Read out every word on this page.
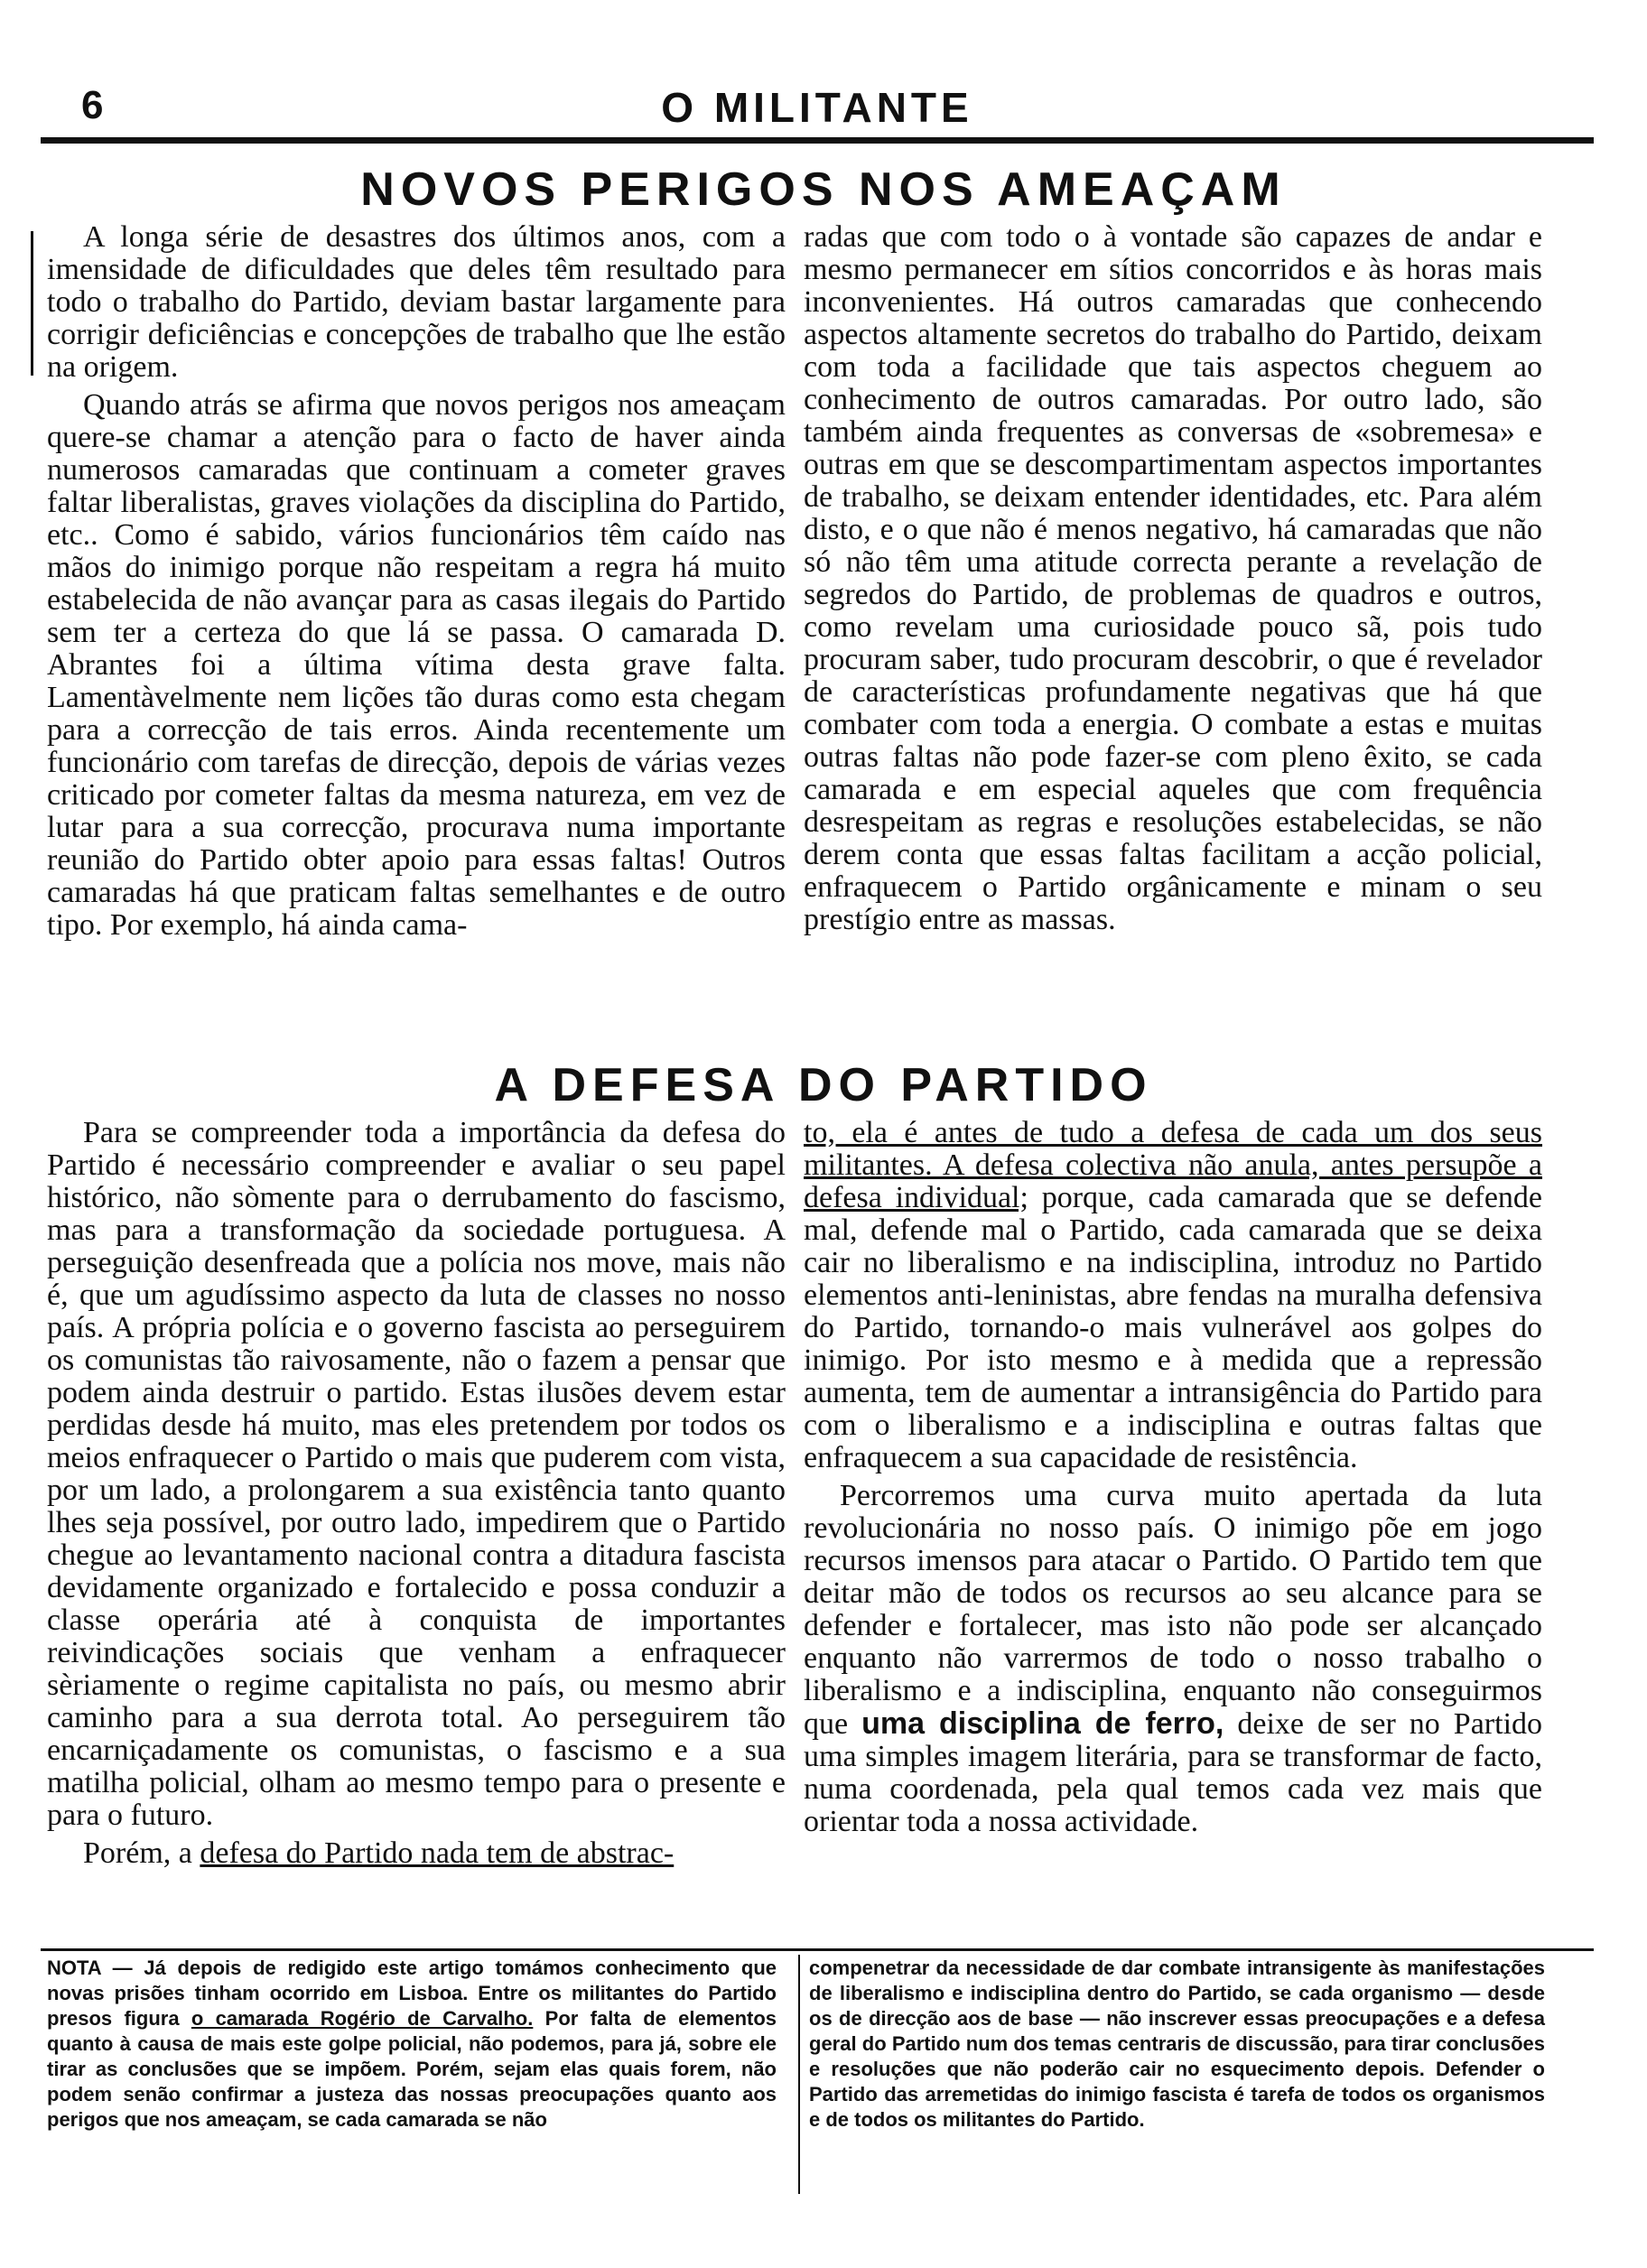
6	O MILITANTE
NOVOS PERIGOS NOS AMEAÇAM

A longa série de desastres dos últimos anos, com a imensidade de dificuldades que deles têm resultado para todo o trabalho do Partido, deviam bastar largamente para corrigir deficiências e concepções de trabalho que lhe estão na origem.

Quando atrás se afirma que novos perigos nos ameaçam quere-se chamar a atenção para o facto de haver ainda numerosos camaradas que continuam a cometer graves faltar liberalistas, graves violações da disciplina do Partido, etc.. Como é sabido, vários funcionários têm caído nas mãos do inimigo porque não respeitam a regra há muito estabelecida de não avançar para as casas ilegais do Partido sem ter a certeza do que lá se passa. O camarada D. Abrantes foi a última vítima desta grave falta. Lamentàvelmente nem lições tão duras como esta chegam para a correcção de tais erros. Ainda recentemente um funcionário com tarefas de direcção, depois de várias vezes criticado por cometer faltas da mesma natureza, em vez de lutar para a sua correcção, procurava numa importante reunião do Partido obter apoio para essas faltas! Outros camaradas há que praticam faltas semelhantes e de outro tipo. Por exemplo, há ainda cama-

radas que com todo o à vontade são capazes de andar e mesmo permanecer em sítios concorridos e às horas mais inconvenientes. Há outros camaradas que conhecendo aspectos altamente secretos do trabalho do Partido, deixam com toda a facilidade que tais aspectos cheguem ao conhecimento de outros camaradas. Por outro lado, são também ainda frequentes as conversas de «sobremesa» e outras em que se descompartimentam aspectos importantes de trabalho, se deixam entender identidades, etc. Para além disto, e o que não é menos negativo, há camaradas que não só não têm uma atitude correcta perante a revelação de segredos do Partido, de problemas de quadros e outros, como revelam uma curiosidade pouco sã, pois tudo procuram saber, tudo procuram descobrir, o que é revelador de características profundamente negativas que há que combater com toda a energia. O combate a estas e muitas outras faltas não pode fazer-se com pleno êxito, se cada camarada e em especial aqueles que com frequência desrespeitam as regras e resoluções estabelecidas, se não derem conta que essas faltas facilitam a acção policial, enfraquecem o Partido orgânicamente e minam o seu prestígio entre as massas.

A DEFESA DO PARTIDO

Para se compreender toda a importância da defesa do Partido é necessário compreender e avaliar o seu papel histórico, não sòmente para o derrubamento do fascismo, mas para a transformação da sociedade portuguesa. A perseguição desenfreada que a polícia nos move, mais não é, que um agudíssimo aspecto da luta de classes no nosso país. A própria polícia e o governo fascista ao perseguirem os comunistas tão raivosamente, não o fazem a pensar que podem ainda destruir o partido. Estas ilusões devem estar perdidas desde há muito, mas eles pretendem por todos os meios enfraquecer o Partido o mais que puderem com vista, por um lado, a prolongarem a sua existência tanto quanto lhes seja possível, por outro lado, impedirem que o Partido chegue ao levantamento nacional contra a ditadura fascista devidamente organizado e fortalecido e possa conduzir a classe operária até à conquista de importantes reivindicações sociais que venham a enfraquecer sèriamente o regime capitalista no país, ou mesmo abrir caminho para a sua derrota total. Ao perseguirem tão encarniçadamente os comunistas, o fascismo e a sua matilha policial, olham ao mesmo tempo para o presente e para o futuro.

Porém, a defesa do Partido nada tem de abstrac-

to, ela é antes de tudo a defesa de cada um dos seus militantes. A defesa colectiva não anula, antes persupõe a defesa individual; porque, cada camarada que se defende mal, defende mal o Partido, cada camarada que se deixa cair no liberalismo e na indisciplina, introduz no Partido elementos anti-leninistas, abre fendas na muralha defensiva do Partido, tornando-o mais vulnerável aos golpes do inimigo. Por isto mesmo e à medida que a repressão aumenta, tem de aumentar a intransigência do Partido para com o liberalismo e a indisciplina e outras faltas que enfraquecem a sua capacidade de resistência.

Percorremos uma curva muito apertada da luta revolucionária no nosso país. O inimigo põe em jogo recursos imensos para atacar o Partido. O Partido tem que deitar mão de todos os recursos ao seu alcance para se defender e fortalecer, mas isto não pode ser alcançado enquanto não varrermos de todo o nosso trabalho o liberalismo e a indisciplina, enquanto não conseguirmos que uma disciplina de ferro, deixe de ser no Partido uma simples imagem literária, para se transformar de facto, numa coordenada, pela qual temos cada vez mais que orientar toda a nossa actividade.

NOTA — Já depois de redigido este artigo tomámos conhecimento que novas prisões tinham ocorrido em Lisboa. Entre os militantes do Partido presos figura o camarada Rogério de Carvalho. Por falta de elementos quanto à causa de mais este golpe policial, não podemos, para já, sobre ele tirar as conclusões que se impõem. Porém, sejam elas quais forem, não podem senão confirmar a justeza das nossas preocupações quanto aos perigos que nos ameaçam, se cada camarada se não

compenetrar da necessidade de dar combate intransigente às manifestações de liberalismo e indisciplina dentro do Partido, se cada organismo — desde os de direcção aos de base — não inscrever essas preocupações e a defesa geral do Partido num dos temas centraris de discussão, para tirar conclusões e resoluções que não poderão cair no esquecimento depois. Defender o Partido das arremetidas do inimigo fascista é tarefa de todos os organismos e de todos os militantes do Partido.
